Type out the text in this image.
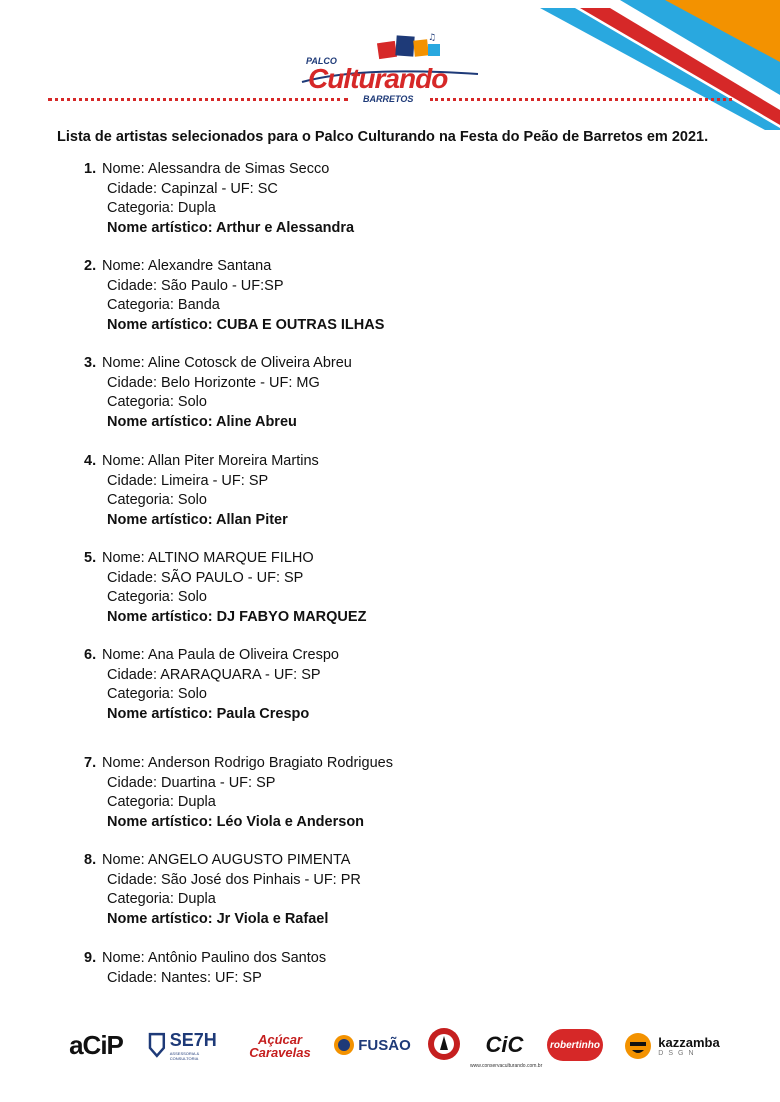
♫
PALCO
Culturando
BARRETOS
Lista de artistas selecionados para o Palco Culturando na Festa do Peão de Barretos em 2021.
1. Nome: Alessandra de Simas Secco
Cidade: Capinzal - UF: SC
Categoria: Dupla
Nome artístico: Arthur e Alessandra
2. Nome: Alexandre Santana
Cidade: São Paulo - UF:SP
Categoria: Banda
Nome artístico: CUBA E OUTRAS ILHAS
3. Nome: Aline Cotosck de Oliveira Abreu
Cidade: Belo Horizonte - UF: MG
Categoria: Solo
Nome artístico: Aline Abreu
4. Nome: Allan Piter Moreira Martins
Cidade: Limeira - UF: SP
Categoria: Solo
Nome artístico: Allan Piter
5. Nome: ALTINO MARQUE FILHO
Cidade: SÃO PAULO - UF: SP
Categoria: Solo
Nome artístico: DJ FABYO MARQUEZ
6. Nome: Ana Paula de Oliveira Crespo
Cidade: ARARAQUARA - UF: SP
Categoria: Solo
Nome artístico: Paula Crespo
7. Nome: Anderson Rodrigo Bragiato Rodrigues
Cidade: Duartina - UF: SP
Categoria: Dupla
Nome artístico: Léo Viola e Anderson
8. Nome: ANGELO AUGUSTO PIMENTA
Cidade: São José dos Pinhais - UF: PR
Categoria: Dupla
Nome artístico: Jr Viola e Rafael
9. Nome: Antônio Paulino dos Santos
Cidade: Nantes: UF: SP
aCiP	SE7H
ASSESSORIA & CONSULTORIA
Açúcar
Caravelas	FUSÃO	CiC
www.conservaculturando.com.br
robertinho	kazzamba
DSGN
